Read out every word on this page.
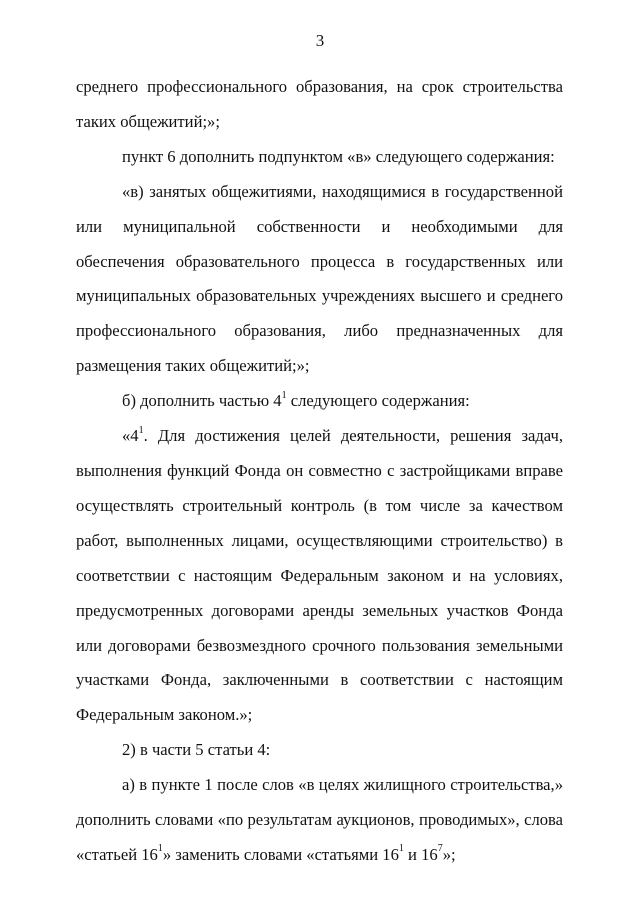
3

среднего профессионального образования, на срок строительства таких общежитий;»;

пункт 6 дополнить подпунктом «в» следующего содержания:

«в) занятых общежитиями, находящимися в государственной или муниципальной собственности и необходимыми для обеспечения образовательного процесса в государственных или муниципальных образовательных учреждениях высшего и среднего профессионального образования, либо предназначенных для размещения таких общежитий;»;

б) дополнить частью $4^1$ следующего содержания:

«$4^1$. Для достижения целей деятельности, решения задач, выполнения функций Фонда он совместно с застройщиками вправе осуществлять строительный контроль (в том числе за качеством работ, выполненных лицами, осуществляющими строительство) в соответствии с настоящим Федеральным законом и на условиях, предусмотренных договорами аренды земельных участков Фонда или договорами безвозмездного срочного пользования земельными участками Фонда, заключенными в соответствии с настоящим Федеральным законом.»;

2) в части 5 статьи 4:

а) в пункте 1 после слов «в целях жилищного строительства,» дополнить словами «по результатам аукционов, проводимых», слова «статьей $16^1$» заменить словами «статьями $16^1$ и $16^7$»;
